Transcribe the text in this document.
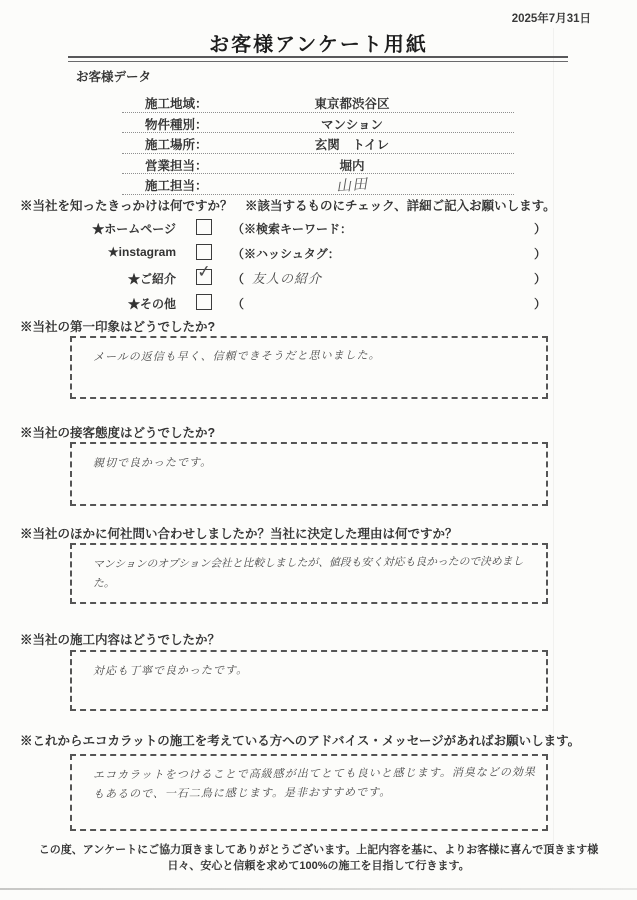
2025年7月31日
お客様アンケート用紙
お客様データ
施工地域：	東京都渋谷区
物件種別：	マンション
施工場所：	玄関　トイレ
営業担当：	堀内
施工担当：	山田
※当社を知ったきっかけは何ですか？　※該当するものにチェック、詳細ご記入お願いします。
★ホームページ	（※検索キーワード：	）
★instagram	（※ハッシュタグ：	）
★ご紹介 ✓ （ 友人の紹介	）
★その他	（	）
※当社の第一印象はどうでしたか?
メールの返信も早く、信頼できそうだと思いました。
※当社の接客態度はどうでしたか?
親切で良かったです。
※当社のほかに何社問い合わせしましたか？当社に決定した理由は何ですか？
マンションのオプション会社と比較しましたが、値段も安く対応も良かったので決めました。
※当社の施工内容はどうでしたか？
対応も丁寧で良かったです。
※これからエコカラットの施工を考えている方へのアドバイス・メッセージがあればお願いします。
エコカラットをつけることで高級感が出てとても良いと感じます。消臭などの効果もあるので、一石二鳥に感じます。是非おすすめです。
この度、アンケートにご協力頂きましてありがとうございます。上記内容を基に、よりお客様に喜んで頂きます様
日々、安心と信頼を求めて100%の施工を目指して行きます。
